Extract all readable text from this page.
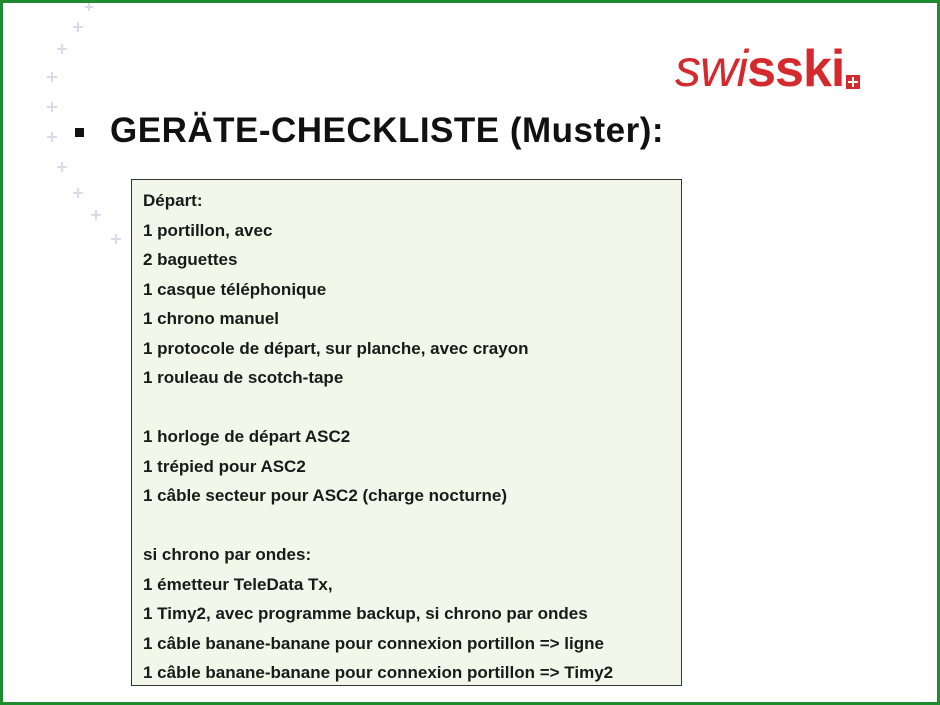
swi sski
GERÄTE-CHECKLISTE (Muster):
Départ:
1 portillon, avec
2 baguettes
1 casque téléphonique
1 chrono manuel
1 protocole de départ, sur planche, avec crayon
1 rouleau de scotch-tape
1 horloge de départ ASC2
1 trépied pour ASC2
1 câble secteur pour ASC2 (charge nocturne)
si chrono par ondes:
1 émetteur TeleData Tx,
1 Timy2, avec programme backup, si chrono par ondes
1 câble banane-banane pour connexion portillon => ligne
1 câble banane-banane pour connexion portillon => Timy2
